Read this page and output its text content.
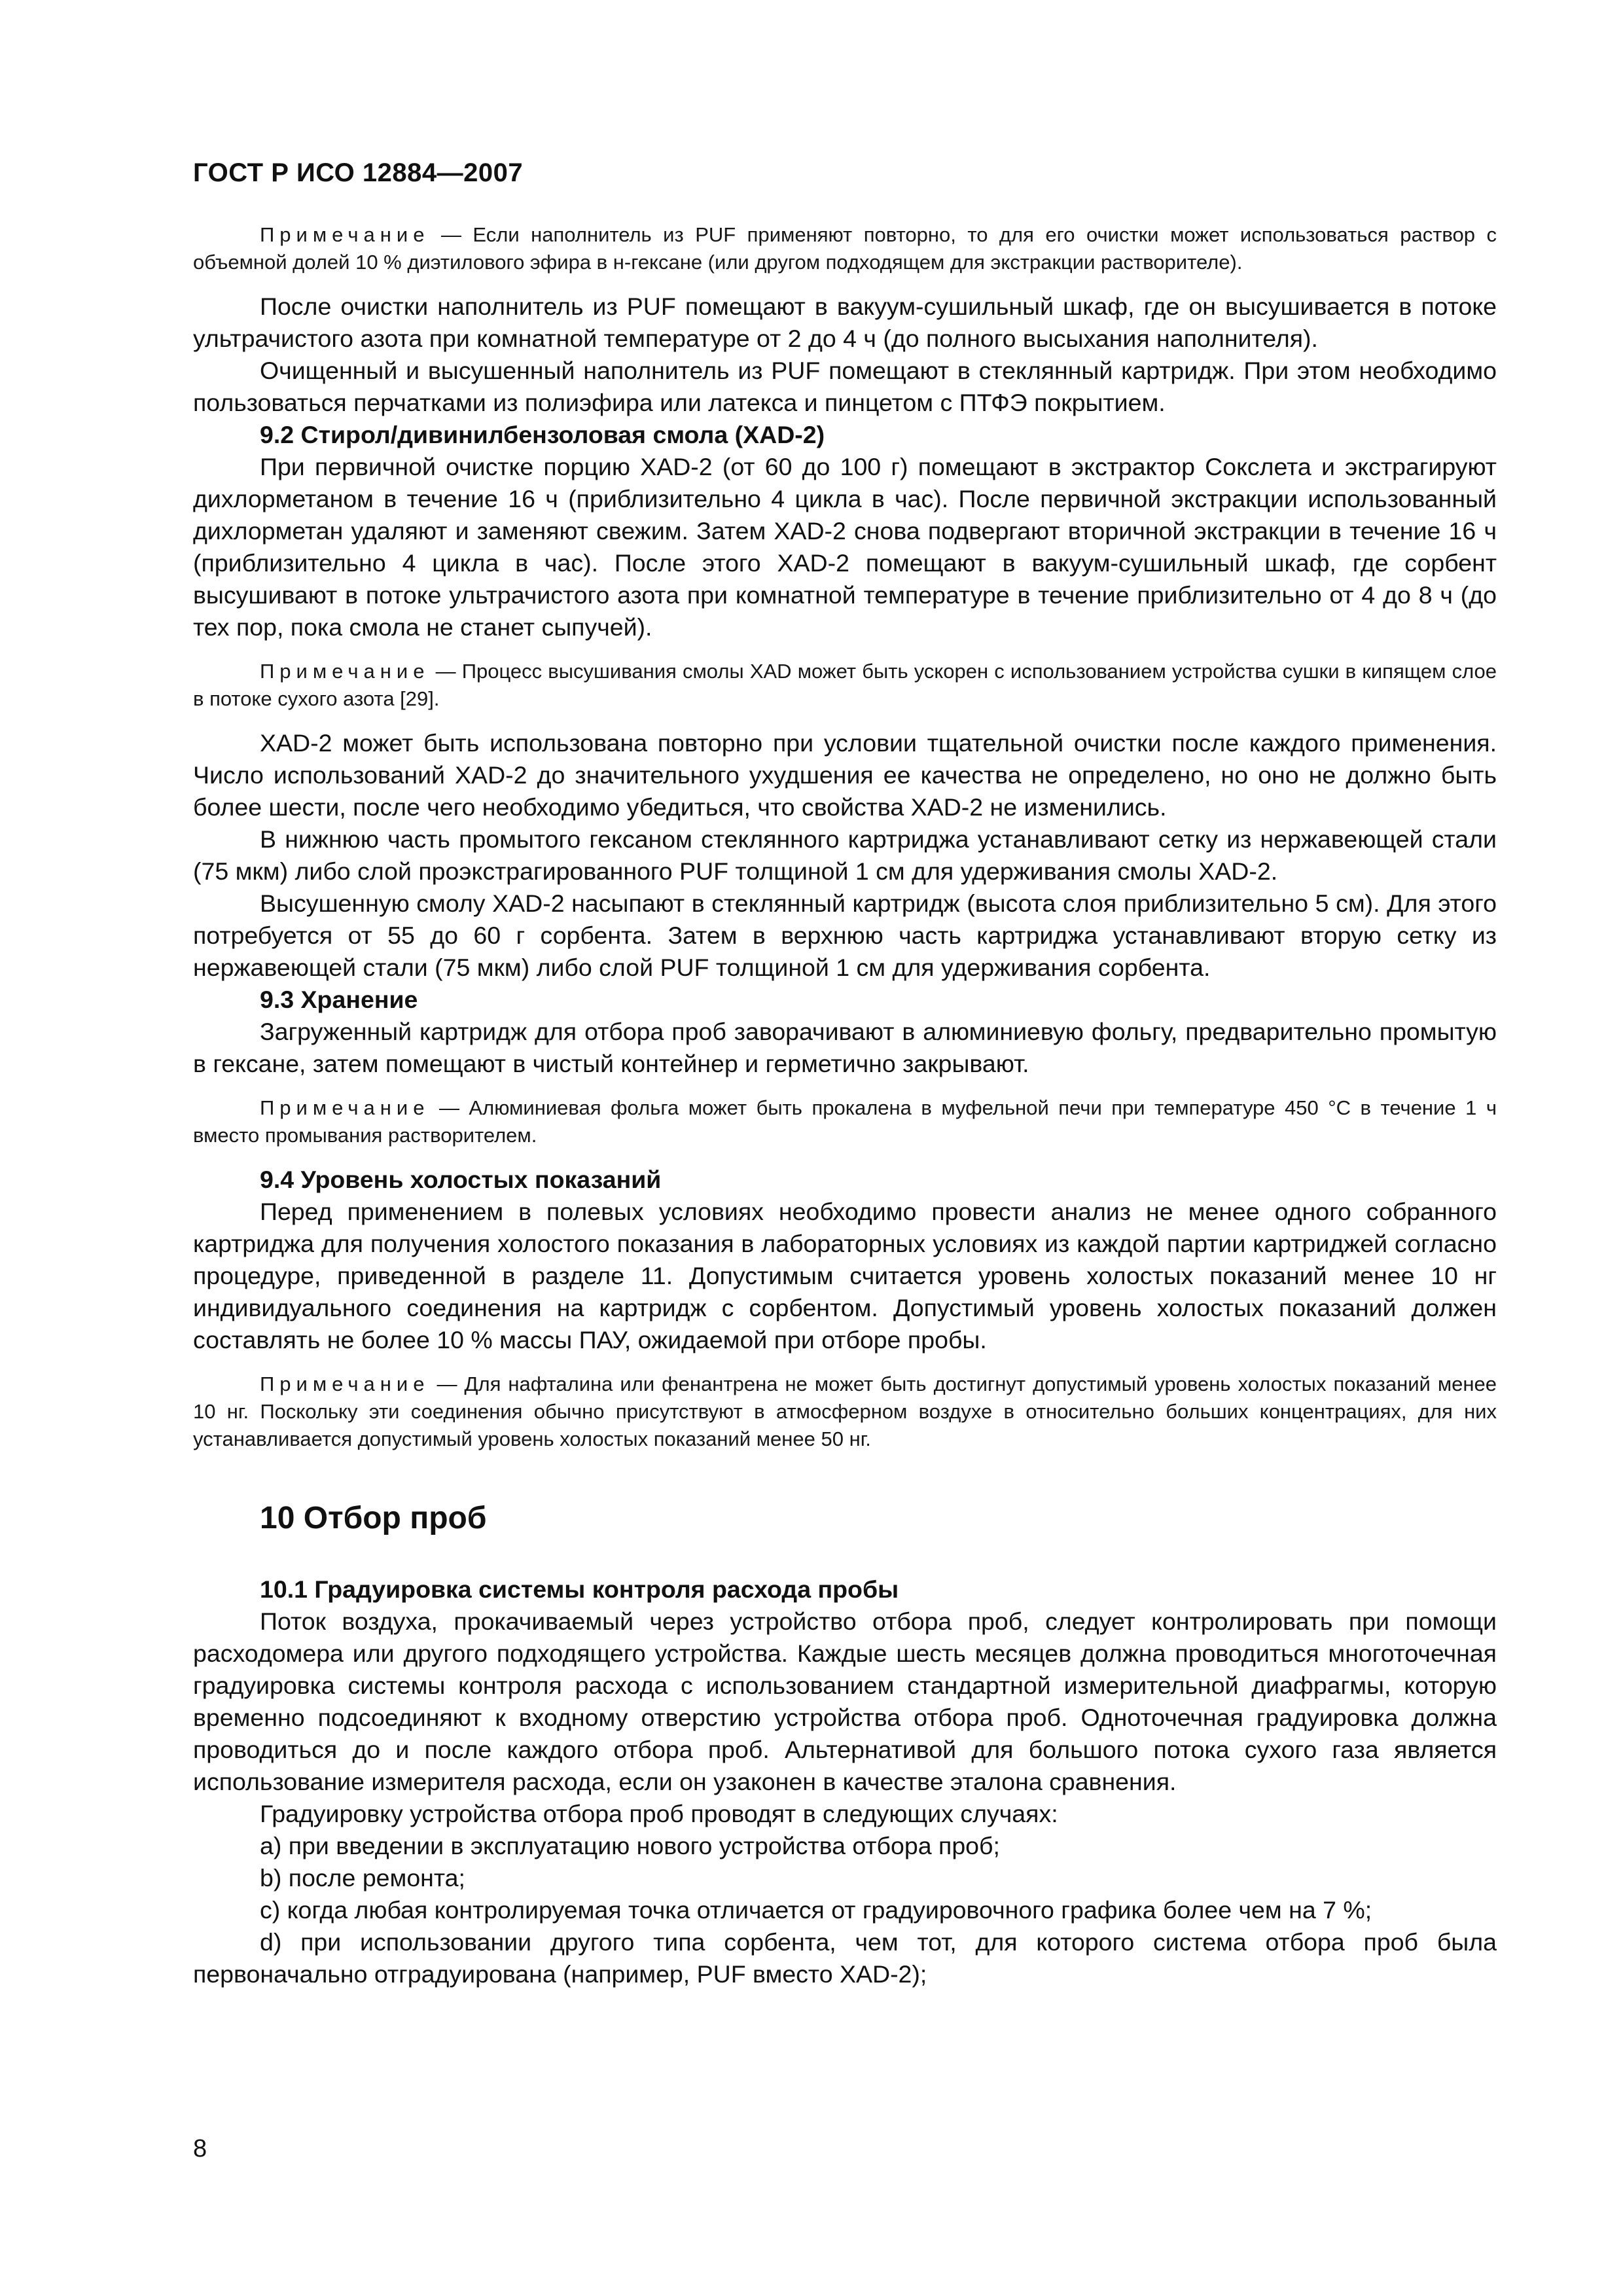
ГОСТ Р ИСО 12884—2007

Примечание — Если наполнитель из PUF применяют повторно, то для его очистки может использоваться раствор с объемной долей 10 % диэтилового эфира в н-гексане (или другом подходящем для экстракции растворителе).

После очистки наполнитель из PUF помещают в вакуум-сушильный шкаф, где он высушивается в потоке ультрачистого азота при комнатной температуре от 2 до 4 ч (до полного высыхания наполнителя).

Очищенный и высушенный наполнитель из PUF помещают в стеклянный картридж. При этом необходимо пользоваться перчатками из полиэфира или латекса и пинцетом с ПТФЭ покрытием.

9.2 Стирол/дивинилбензоловая смола (XAD-2)

При первичной очистке порцию XAD-2 (от 60 до 100 г) помещают в экстрактор Сокслета и экстрагируют дихлорметаном в течение 16 ч (приблизительно 4 цикла в час). После первичной экстракции использованный дихлорметан удаляют и заменяют свежим. Затем XAD-2 снова подвергают вторичной экстракции в течение 16 ч (приблизительно 4 цикла в час). После этого XAD-2 помещают в вакуум-сушильный шкаф, где сорбент высушивают в потоке ультрачистого азота при комнатной температуре в течение приблизительно от 4 до 8 ч (до тех пор, пока смола не станет сыпучей).

Примечание — Процесс высушивания смолы XAD может быть ускорен с использованием устройства сушки в кипящем слое в потоке сухого азота [29].

XAD-2 может быть использована повторно при условии тщательной очистки после каждого применения. Число использований XAD-2 до значительного ухудшения ее качества не определено, но оно не должно быть более шести, после чего необходимо убедиться, что свойства XAD-2 не изменились.

В нижнюю часть промытого гексаном стеклянного картриджа устанавливают сетку из нержавеющей стали (75 мкм) либо слой проэкстрагированного PUF толщиной 1 см для удерживания смолы XAD-2.

Высушенную смолу XAD-2 насыпают в стеклянный картридж (высота слоя приблизительно 5 см). Для этого потребуется от 55 до 60 г сорбента. Затем в верхнюю часть картриджа устанавливают вторую сетку из нержавеющей стали (75 мкм) либо слой PUF толщиной 1 см для удерживания сорбента.

9.3 Хранение

Загруженный картридж для отбора проб заворачивают в алюминиевую фольгу, предварительно промытую в гексане, затем помещают в чистый контейнер и герметично закрывают.

Примечание — Алюминиевая фольга может быть прокалена в муфельной печи при температуре 450 °С в течение 1 ч вместо промывания растворителем.

9.4 Уровень холостых показаний

Перед применением в полевых условиях необходимо провести анализ не менее одного собранного картриджа для получения холостого показания в лабораторных условиях из каждой партии картриджей согласно процедуре, приведенной в разделе 11. Допустимым считается уровень холостых показаний менее 10 нг индивидуального соединения на картридж с сорбентом. Допустимый уровень холостых показаний должен составлять не более 10 % массы ПАУ, ожидаемой при отборе пробы.

Примечание — Для нафталина или фенантрена не может быть достигнут допустимый уровень холостых показаний менее 10 нг. Поскольку эти соединения обычно присутствуют в атмосферном воздухе в относительно больших концентрациях, для них устанавливается допустимый уровень холостых показаний менее 50 нг.

10 Отбор проб
10.1 Градуировка системы контроля расхода пробы

Поток воздуха, прокачиваемый через устройство отбора проб, следует контролировать при помощи расходомера или другого подходящего устройства. Каждые шесть месяцев должна проводиться многоточечная градуировка системы контроля расхода с использованием стандартной измерительной диафрагмы, которую временно подсоединяют к входному отверстию устройства отбора проб. Одноточечная градуировка должна проводиться до и после каждого отбора проб. Альтернативой для большого потока сухого газа является использование измерителя расхода, если он узаконен в качестве эталона сравнения.

Градуировку устройства отбора проб проводят в следующих случаях:

а) при введении в эксплуатацию нового устройства отбора проб;

b) после ремонта;

с) когда любая контролируемая точка отличается от градуировочного графика более чем на 7 %;

d) при использовании другого типа сорбента, чем тот, для которого система отбора проб была первоначально отградуирована (например, PUF вместо XAD-2);

8
